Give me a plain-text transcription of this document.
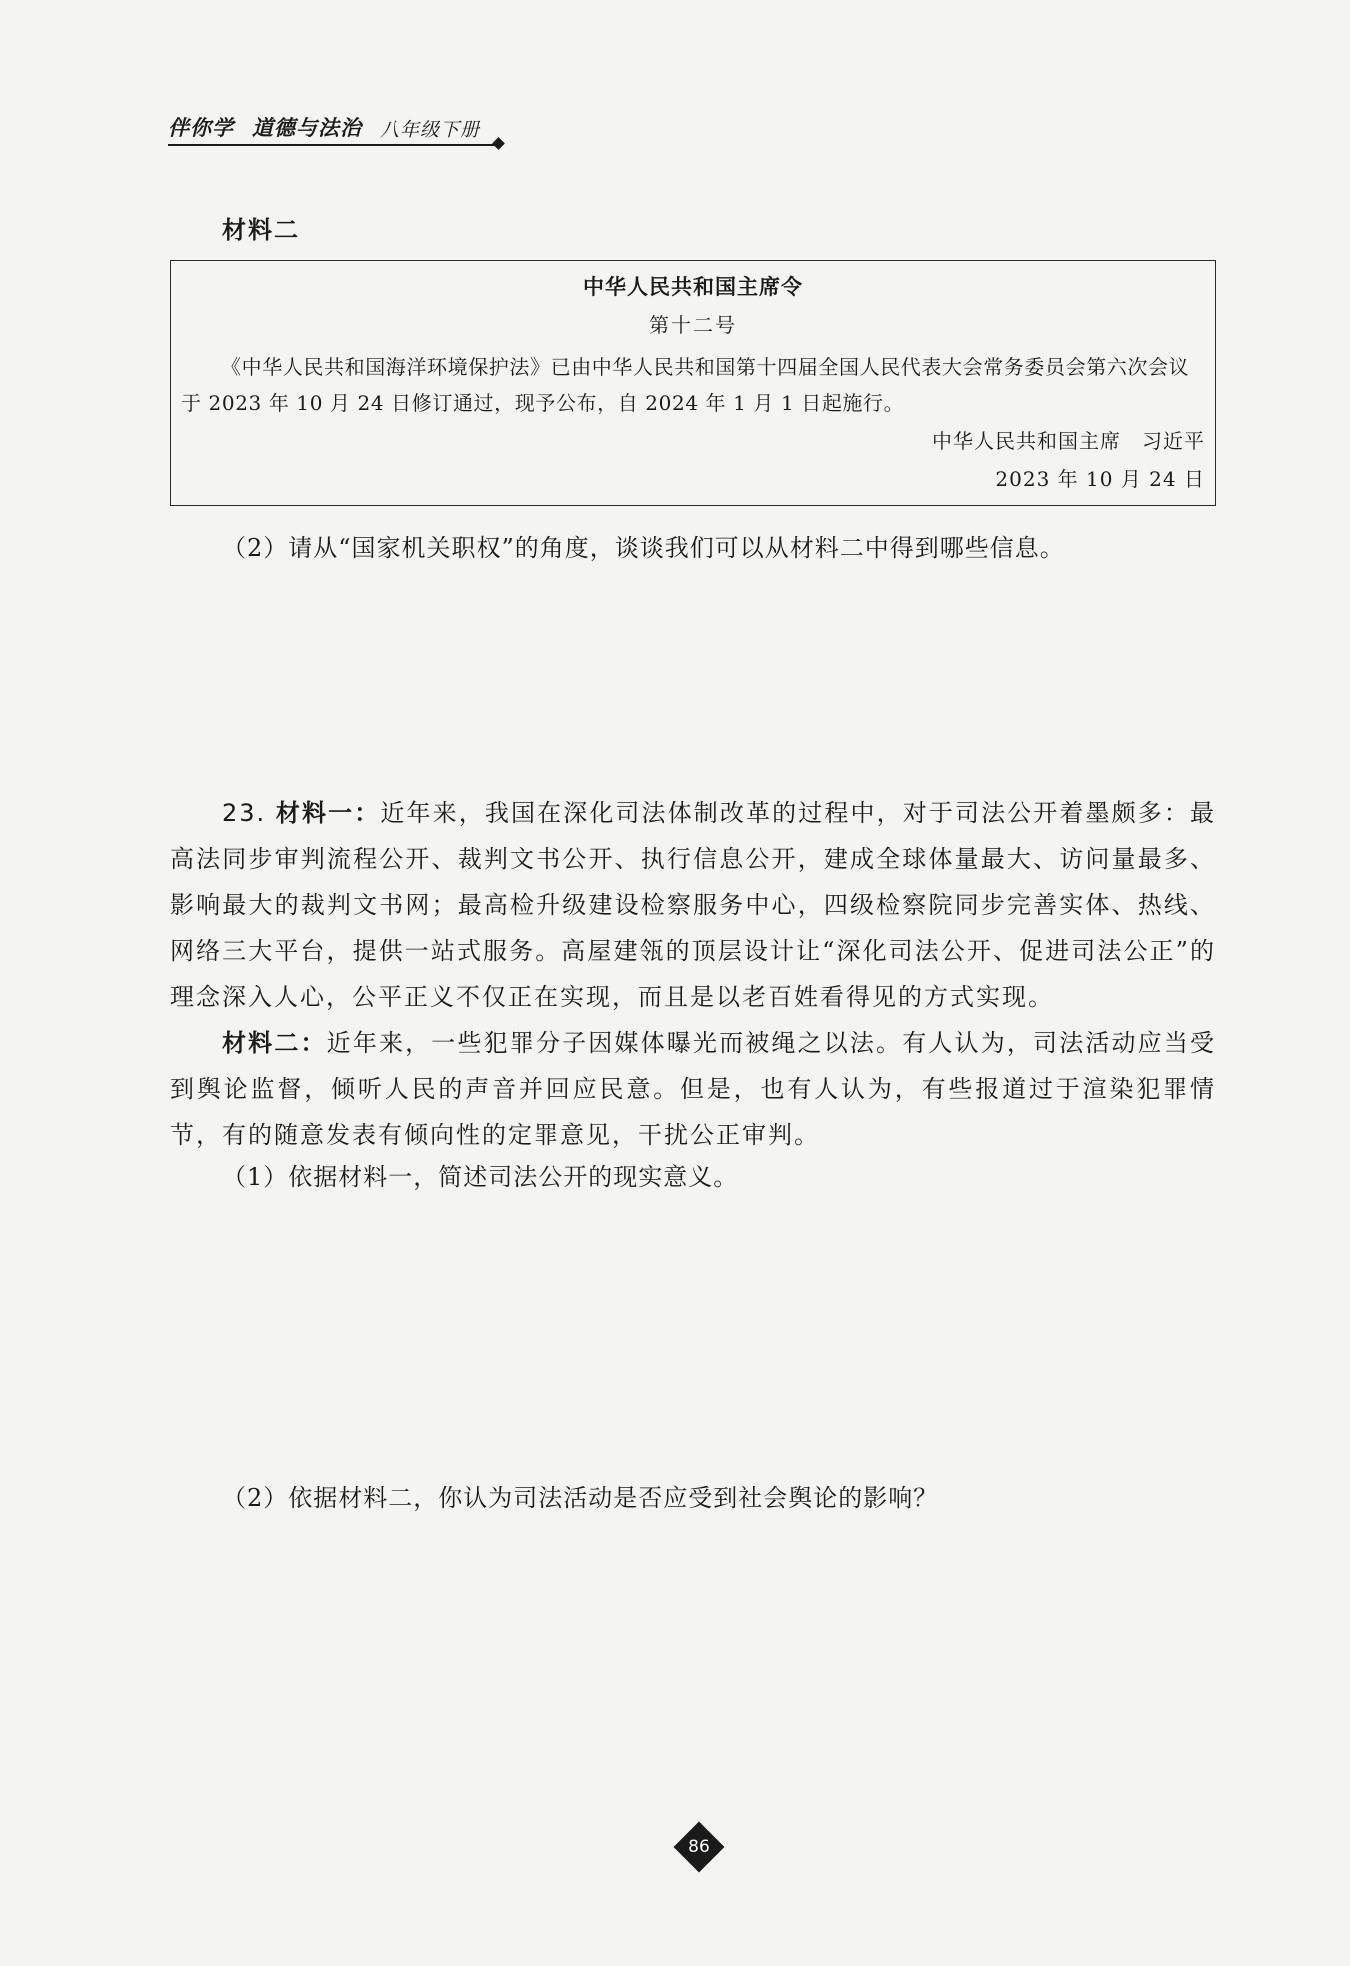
伴你学 道德与法治 八年级下册
材料二
中华人民共和国主席令
第十二号
《中华人民共和国海洋环境保护法》已由中华人民共和国第十四届全国人民代表大会常务委员会第六次会议于 2023 年 10 月 24 日修订通过，现予公布，自 2024 年 1 月 1 日起施行。
中华人民共和国主席　习近平
2023 年 10 月 24 日
（2）请从“国家机关职权”的角度，谈谈我们可以从材料二中得到哪些信息。
23. 材料一：近年来，我国在深化司法体制改革的过程中，对于司法公开着墨颇多：最高法同步审判流程公开、裁判文书公开、执行信息公开，建成全球体量最大、访问量最多、影响最大的裁判文书网；最高检升级建设检察服务中心，四级检察院同步完善实体、热线、网络三大平台，提供一站式服务。高屋建瓴的顶层设计让“深化司法公开、促进司法公正”的理念深入人心，公平正义不仅正在实现，而且是以老百姓看得见的方式实现。
材料二：近年来，一些犯罪分子因媒体曝光而被绳之以法。有人认为，司法活动应当受到舆论监督，倾听人民的声音并回应民意。但是，也有人认为，有些报道过于渲染犯罪情节，有的随意发表有倾向性的定罪意见，干扰公正审判。
（1）依据材料一，简述司法公开的现实意义。
（2）依据材料二，你认为司法活动是否应受到社会舆论的影响？
86
